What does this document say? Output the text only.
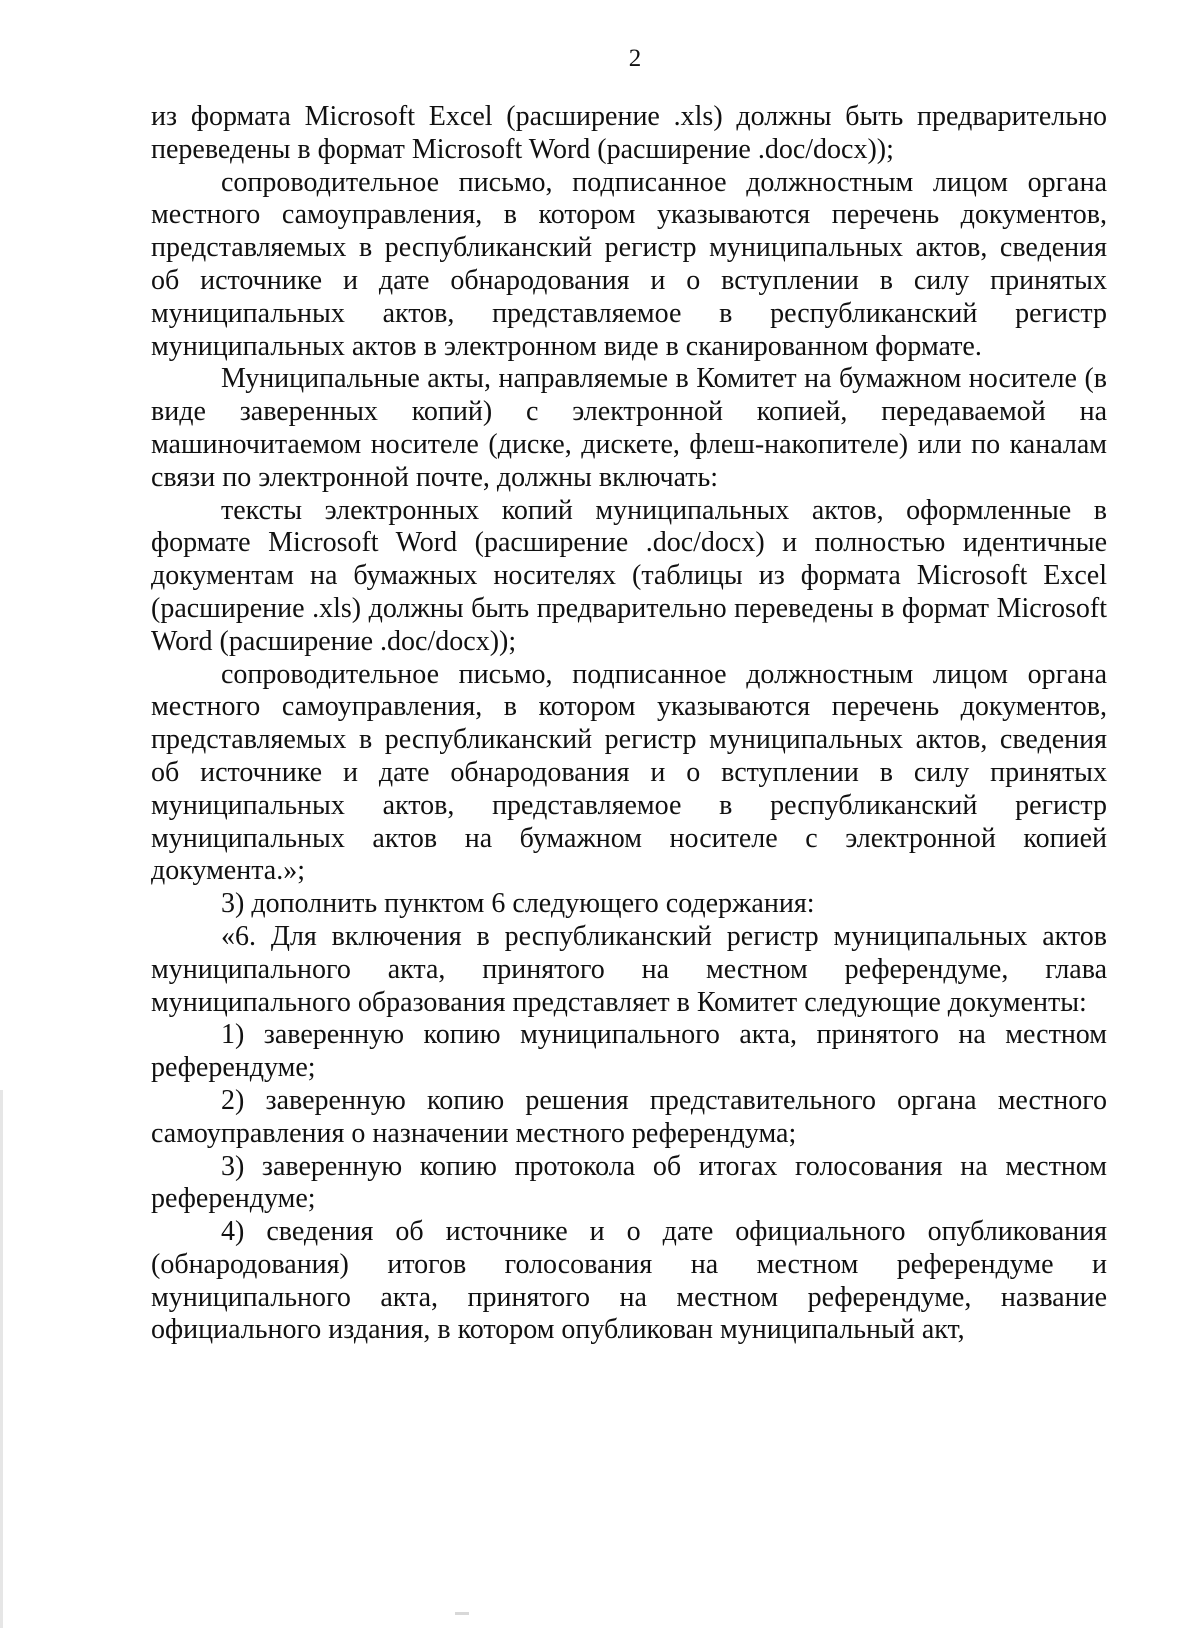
2

из формата Microsoft Excel (расширение .xls) должны быть предварительно переведены в формат Microsoft Word (расширение .doc/docx));

сопроводительное письмо, подписанное должностным лицом органа местного самоуправления, в котором указываются перечень документов, представляемых в республиканский регистр муниципальных актов, сведения об источнике и дате обнародования и о вступлении в силу принятых муниципальных актов, представляемое в республиканский регистр муниципальных актов в электронном виде в сканированном формате.

Муниципальные акты, направляемые в Комитет на бумажном носителе (в виде заверенных копий) с электронной копией, передаваемой на машиночитаемом носителе (диске, дискете, флеш-накопителе) или по каналам связи по электронной почте, должны включать:

тексты электронных копий муниципальных актов, оформленные в формате Microsoft Word (расширение .doc/docx) и полностью идентичные документам на бумажных носителях (таблицы из формата Microsoft Excel (расширение .xls) должны быть предварительно переведены в формат Microsoft Word (расширение .doc/docx));

сопроводительное письмо, подписанное должностным лицом органа местного самоуправления, в котором указываются перечень документов, представляемых в республиканский регистр муниципальных актов, сведения об источнике и дате обнародования и о вступлении в силу принятых муниципальных актов, представляемое в республиканский регистр муниципальных актов на бумажном носителе с электронной копией документа.»;

3) дополнить пунктом 6 следующего содержания:

«6. Для включения в республиканский регистр муниципальных актов муниципального акта, принятого на местном референдуме, глава муниципального образования представляет в Комитет следующие документы:

1) заверенную копию муниципального акта, принятого на местном референдуме;

2) заверенную копию решения представительного органа местного самоуправления о назначении местного референдума;

3) заверенную копию протокола об итогах голосования на местном референдуме;

4) сведения об источнике и о дате официального опубликования (обнародования) итогов голосования на местном референдуме и муниципального акта, принятого на местном референдуме, название официального издания, в котором опубликован муниципальный акт,
